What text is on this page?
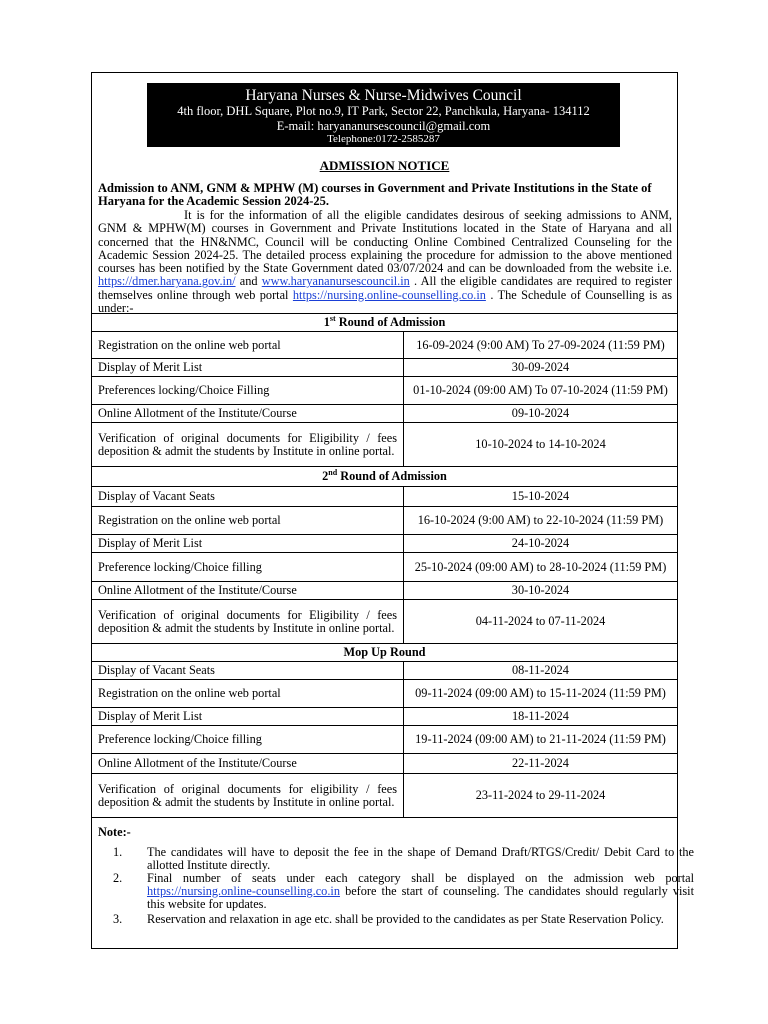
Haryana Nurses & Nurse-Midwives Council
4th floor, DHL Square, Plot no.9, IT Park, Sector 22, Panchkula, Haryana- 134112
E-mail: haryananursescouncil@gmail.com
Telephone:0172-2585287
ADMISSION NOTICE
Admission to ANM, GNM & MPHW (M) courses in Government and Private Institutions in the State of Haryana for the Academic Session 2024-25.
It is for the information of all the eligible candidates desirous of seeking admissions to ANM, GNM & MPHW(M) courses in Government and Private Institutions located in the State of Haryana and all concerned that the HN&NMC, Council will be conducting Online Combined Centralized Counseling for the Academic Session 2024-25. The detailed process explaining the procedure for admission to the above mentioned courses has been notified by the State Government dated 03/07/2024 and can be downloaded from the website i.e. https://dmer.haryana.gov.in/ and www.haryananursescouncil.in . All the eligible candidates are required to register themselves online through web portal https://nursing.online-counselling.co.in . The Schedule of Counselling is as under:-
1st Round of Admission	
Registration on the online web portal	16-09-2024 (9:00 AM) To 27-09-2024 (11:59 PM)
Display of Merit List	30-09-2024
Preferences locking/Choice Filling	01-10-2024 (09:00 AM) To 07-10-2024 (11:59 PM)
Online Allotment of the Institute/Course	09-10-2024
Verification of original documents for Eligibility / fees deposition & admit the students by Institute in online portal.	10-10-2024 to 14-10-2024
2nd Round of Admission	
Display of Vacant Seats	15-10-2024
Registration on the online web portal	16-10-2024 (9:00 AM) to 22-10-2024 (11:59 PM)
Display of Merit List	24-10-2024
Preference locking/Choice filling	25-10-2024 (09:00 AM) to 28-10-2024 (11:59 PM)
Online Allotment of the Institute/Course	30-10-2024
Verification of original documents for Eligibility / fees deposition & admit the students by Institute in online portal.	04-11-2024 to 07-11-2024
Mop Up Round	
Display of Vacant Seats	08-11-2024
Registration on the online web portal	09-11-2024 (09:00 AM) to 15-11-2024 (11:59 PM)
Display of Merit List	18-11-2024
Preference locking/Choice filling	19-11-2024 (09:00 AM) to 21-11-2024 (11:59 PM)
Online Allotment of the Institute/Course	22-11-2024
Verification of original documents for eligibility / fees deposition & admit the students by Institute in online portal.	23-11-2024 to 29-11-2024
Note:-
1.	The candidates will have to deposit the fee in the shape of Demand Draft/RTGS/Credit/ Debit Card to the allotted Institute directly.
2.	Final number of seats under each category shall be displayed on the admission web portal https://nursing.online-counselling.co.in before the start of counseling. The candidates should regularly visit this website for updates.
3.	Reservation and relaxation in age etc. shall be provided to the candidates as per State Reservation Policy.
